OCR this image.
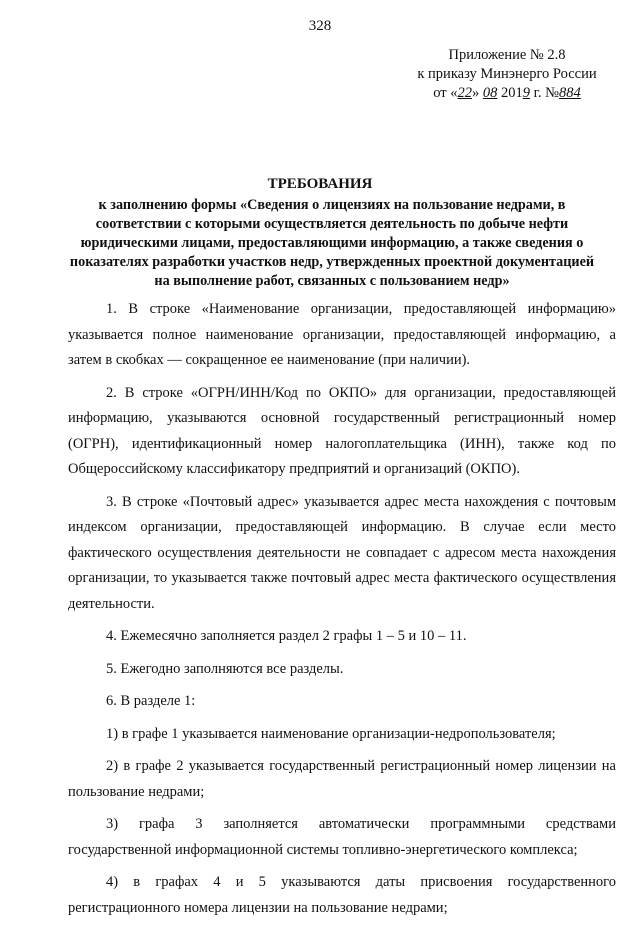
328
Приложение № 2.8
к приказу Минэнерго России
от «22» 08 2019 г. №884
ТРЕБОВАНИЯ
к заполнению формы «Сведения о лицензиях на пользование недрами, в соответствии с которыми осуществляется деятельность по добыче нефти юридическими лицами, предоставляющими информацию, а также сведения о показателях разработки участков недр, утвержденных проектной документацией на выполнение работ, связанных с пользованием недр»

1. В строке «Наименование организации, предоставляющей информацию» указывается полное наименование организации, предоставляющей информацию, а затем в скобках — сокращенное ее наименование (при наличии).

2. В строке «ОГРН/ИНН/Код по ОКПО» для организации, предоставляющей информацию, указываются основной государственный регистрационный номер (ОГРН), идентификационный номер налогоплательщика (ИНН), также код по Общероссийскому классификатору предприятий и организаций (ОКПО).

3. В строке «Почтовый адрес» указывается адрес места нахождения с почтовым индексом организации, предоставляющей информацию. В случае если место фактического осуществления деятельности не совпадает с адресом места нахождения организации, то указывается также почтовый адрес места фактического осуществления деятельности.

4. Ежемесячно заполняется раздел 2 графы 1 – 5 и 10 – 11.

5. Ежегодно заполняются все разделы.

6. В разделе 1:

1) в графе 1 указывается наименование организации-недропользователя;

2) в графе 2 указывается государственный регистрационный номер лицензии на пользование недрами;

3) графа 3 заполняется автоматически программными средствами государственной информационной системы топливно-энергетического комплекса;

4) в графах 4 и 5 указываются даты присвоения государственного регистрационного номера лицензии на пользование недрами;
